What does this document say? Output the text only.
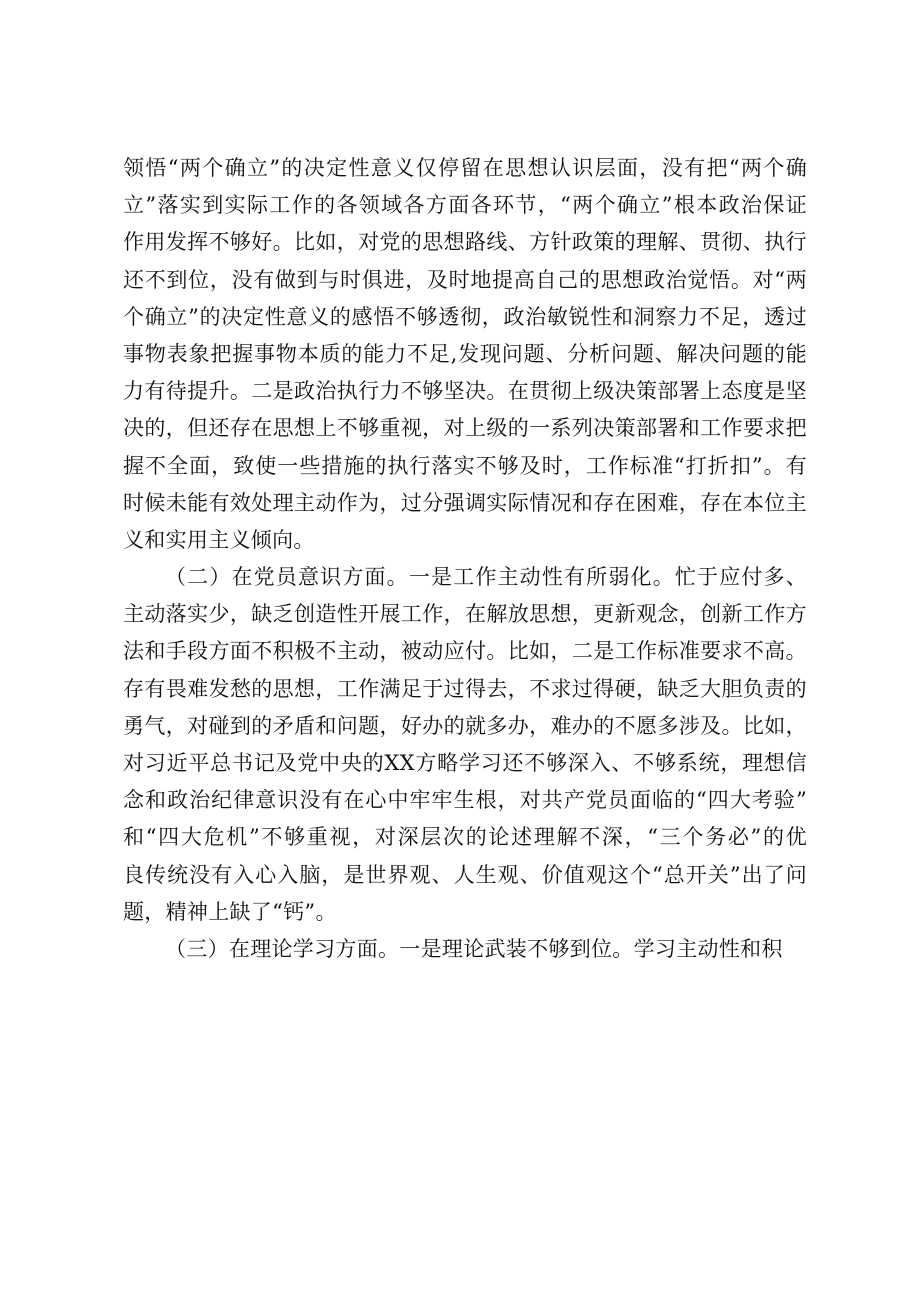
领悟“两个确立”的决定性意义仅停留在思想认识层面，没有把“两个确
立”落实到实际工作的各领域各方面各环节，“两个确立”根本政治保证
作用发挥不够好。比如，对党的思想路线、方针政策的理解、贯彻、执行
还不到位，没有做到与时俱进，及时地提高自己的思想政治觉悟。对“两
个确立”的决定性意义的感悟不够透彻，政治敏锐性和洞察力不足，透过
事物表象把握事物本质的能力不足,发现问题、分析问题、解决问题的能
力有待提升。二是政治执行力不够坚决。在贯彻上级决策部署上态度是坚
决的，但还存在思想上不够重视，对上级的一系列决策部署和工作要求把
握不全面，致使一些措施的执行落实不够及时，工作标准“打折扣”。有
时候未能有效处理主动作为，过分强调实际情况和存在困难，存在本位主
义和实用主义倾向。
（二）在党员意识方面。一是工作主动性有所弱化。忙于应付多、
主动落实少，缺乏创造性开展工作，在解放思想，更新观念，创新工作方
法和手段方面不积极不主动，被动应付。比如，二是工作标准要求不高。
存有畏难发愁的思想，工作满足于过得去，不求过得硬，缺乏大胆负责的
勇气，对碰到的矛盾和问题，好办的就多办，难办的不愿多涉及。比如，
对习近平总书记及党中央的XX方略学习还不够深入、不够系统，理想信
念和政治纪律意识没有在心中牢牢生根，对共产党员面临的“四大考验”
和“四大危机”不够重视，对深层次的论述理解不深，“三个务必”的优
良传统没有入心入脑，是世界观、人生观、价值观这个“总开关”出了问
题，精神上缺了“钙”。
（三）在理论学习方面。一是理论武装不够到位。学习主动性和积
